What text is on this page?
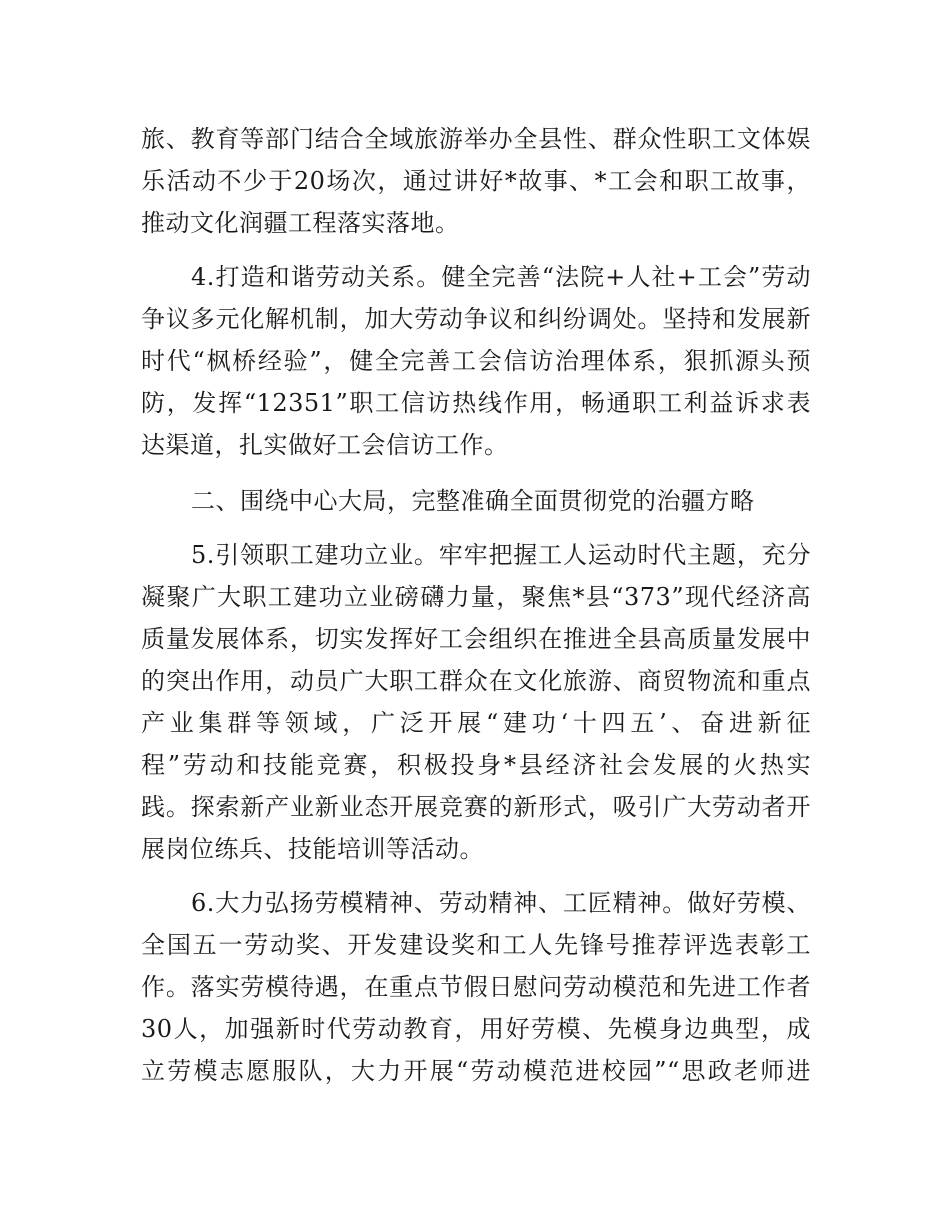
旅、教育等部门结合全域旅游举办全县性、群众性职工文体娱
乐活动不少于20场次，通过讲好*故事、*工会和职工故事，
推动文化润疆工程落实落地。
4.打造和谐劳动关系。健全完善“法院+人社+工会”劳动
争议多元化解机制，加大劳动争议和纠纷调处。坚持和发展新
时代“枫桥经验”，健全完善工会信访治理体系，狠抓源头预
防，发挥“12351”职工信访热线作用，畅通职工利益诉求表
达渠道，扎实做好工会信访工作。
二、围绕中心大局，完整准确全面贯彻党的治疆方略
5.引领职工建功立业。牢牢把握工人运动时代主题，充分
凝聚广大职工建功立业磅礴力量，聚焦*县“373”现代经济高
质量发展体系，切实发挥好工会组织在推进全县高质量发展中
的突出作用，动员广大职工群众在文化旅游、商贸物流和重点
产业集群等领域，广泛开展“建功‘十四五’、奋进新征
程”劳动和技能竞赛，积极投身*县经济社会发展的火热实
践。探索新产业新业态开展竞赛的新形式，吸引广大劳动者开
展岗位练兵、技能培训等活动。
6.大力弘扬劳模精神、劳动精神、工匠精神。做好劳模、
全国五一劳动奖、开发建设奖和工人先锋号推荐评选表彰工
作。落实劳模待遇，在重点节假日慰问劳动模范和先进工作者
30人，加强新时代劳动教育，用好劳模、先模身边典型，成
立劳模志愿服队，大力开展“劳动模范进校园”“思政老师进
